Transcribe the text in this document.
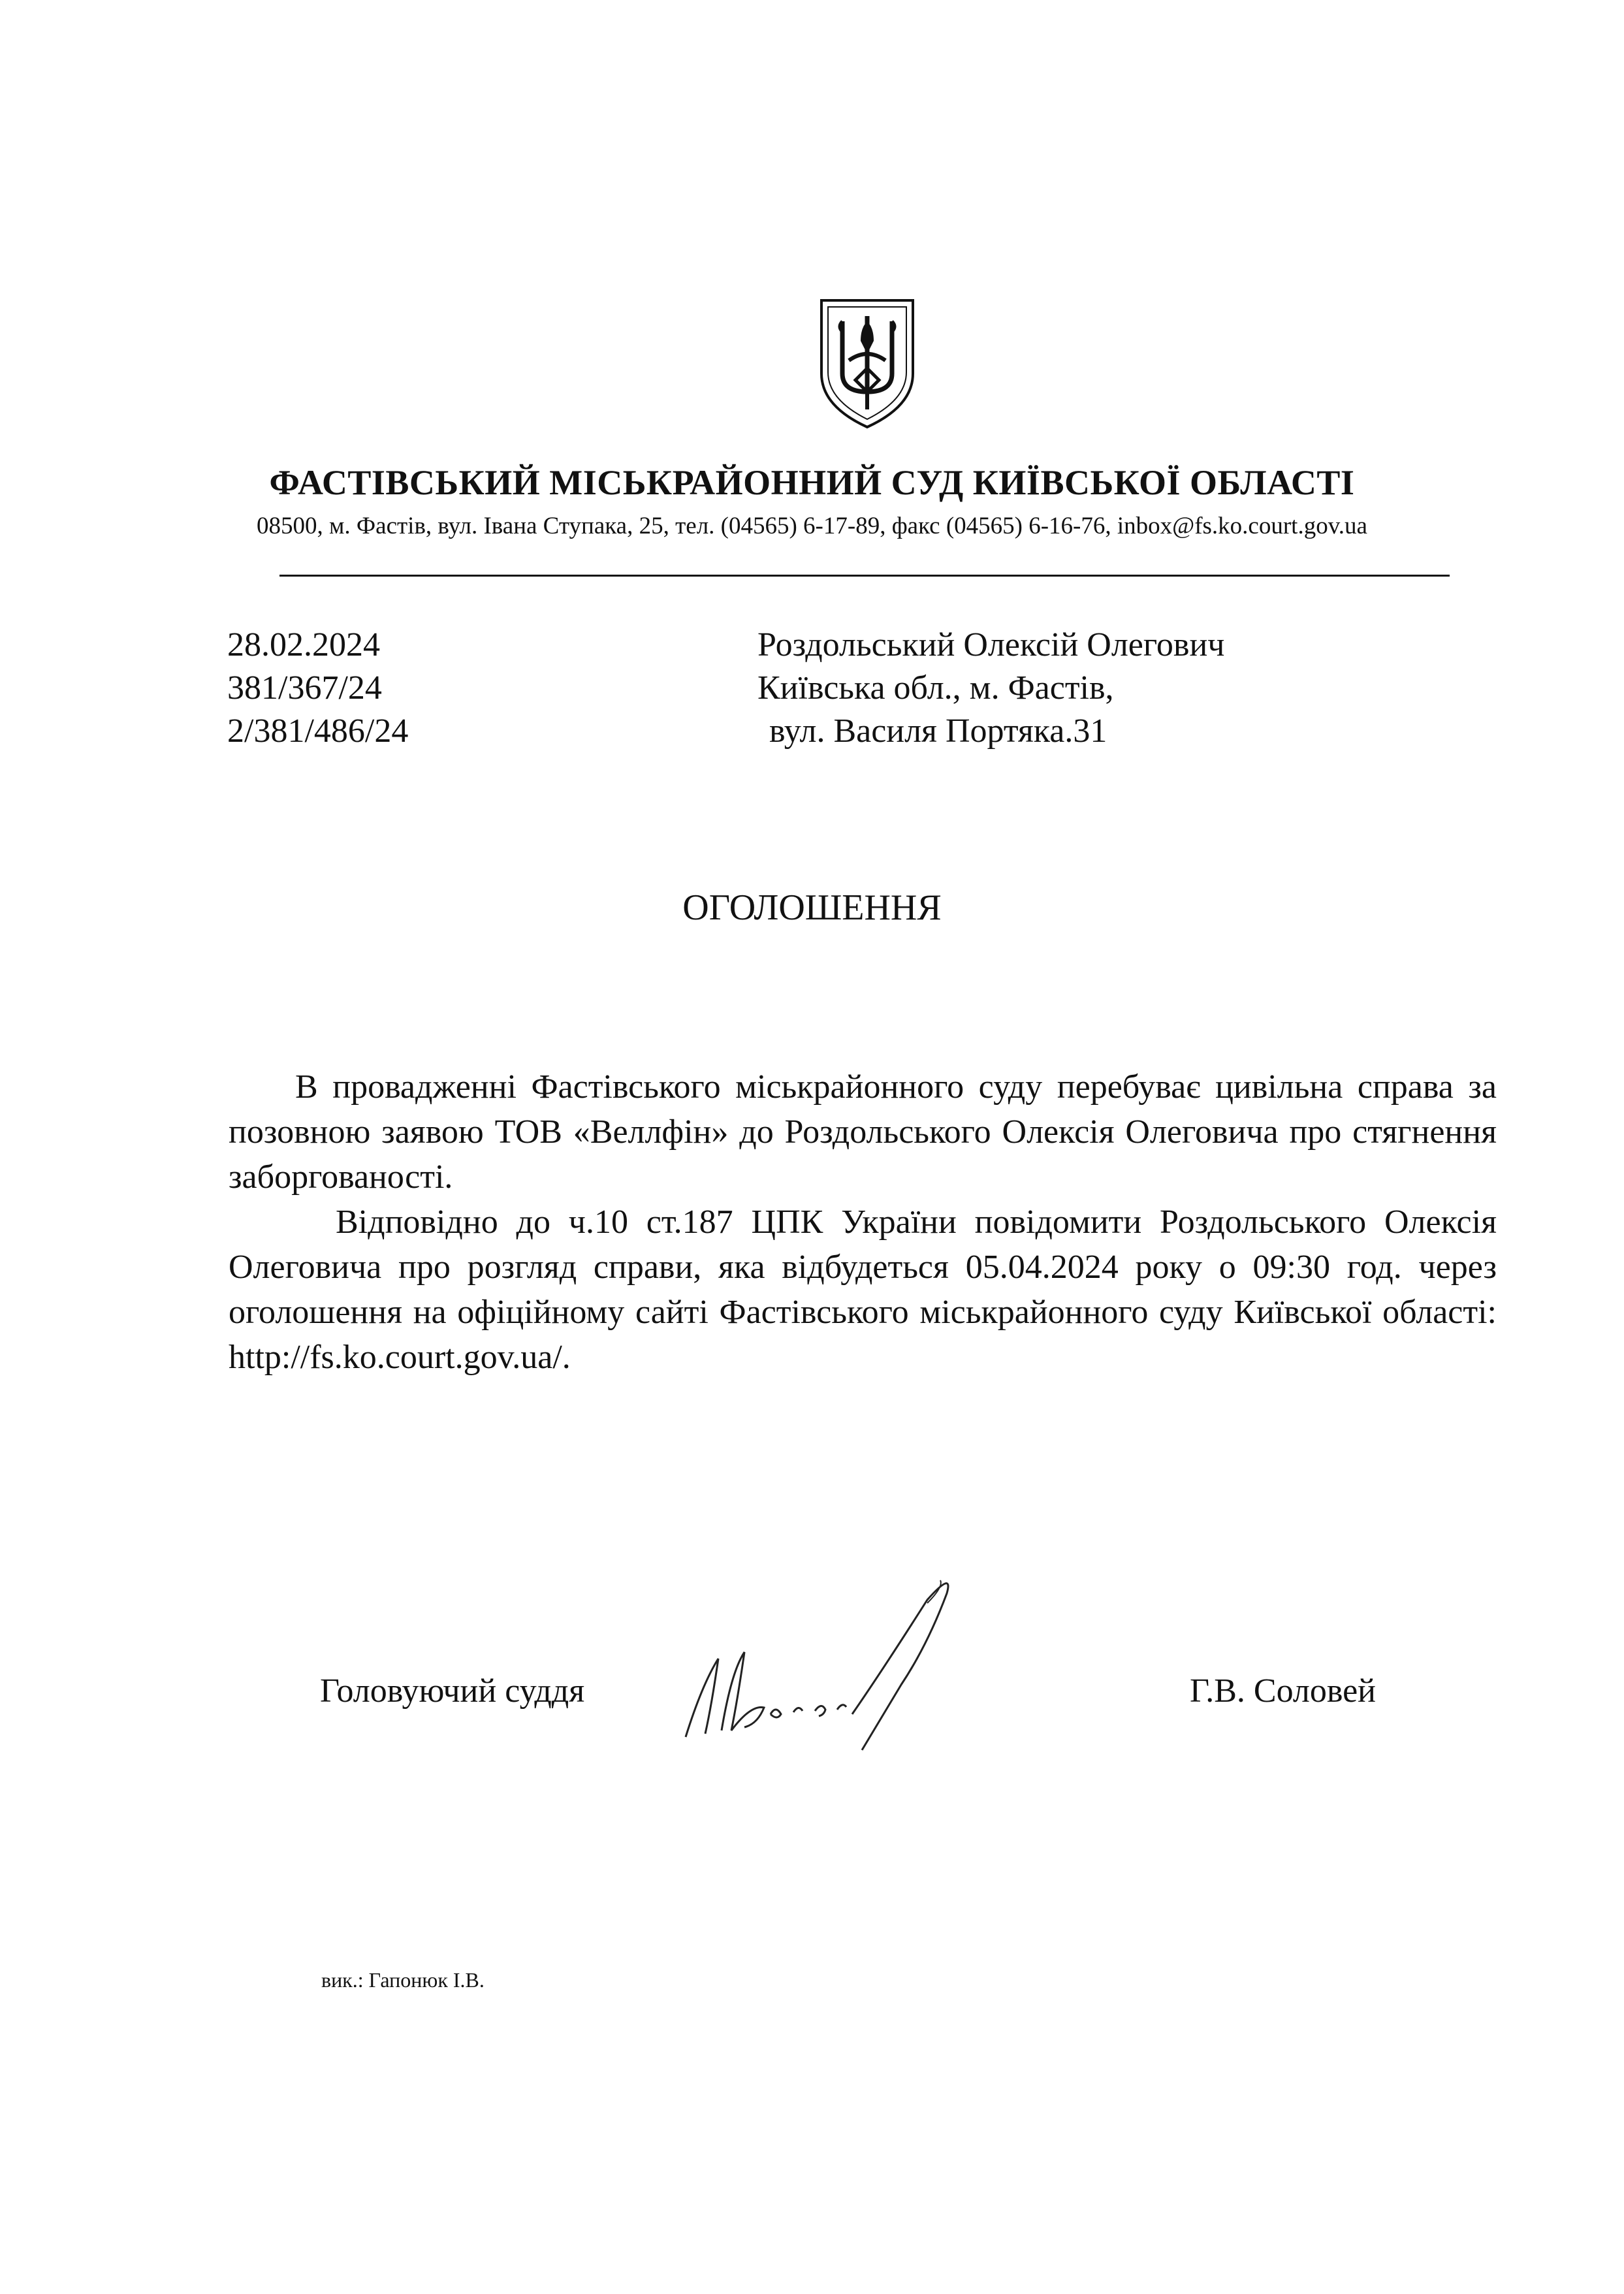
ФАСТІВСЬКИЙ МІСЬКРАЙОННИЙ СУД КИЇВСЬКОЇ ОБЛАСТІ
08500, м. Фастів, вул. Івана Ступака, 25, тел. (04565) 6-17-89, факс (04565) 6-16-76, inbox@fs.ko.court.gov.ua
28.02.2024
381/367/24
2/381/486/24
Роздольський Олексій Олегович
Київська обл., м. Фастів,
вул. Василя Портяка.31
ОГОЛОШЕННЯ

В провадженні Фастівського міськрайонного суду перебуває цивільна справа за позовною заявою ТОВ «Веллфін» до Роздольського Олексія Олеговича про стягнення заборгованості.

Відповідно до ч.10 ст.187 ЦПК України повідомити Роздольського Олексія Олеговича про розгляд справи, яка відбудеться 05.04.2024 року о 09:30 год. через оголошення на офіційному сайті Фастівського міськрайонного суду Київської області: http://fs.ko.court.gov.ua/.

Головуючий суддя	Г.В. Соловей
вик.: Гапонюк І.В.
